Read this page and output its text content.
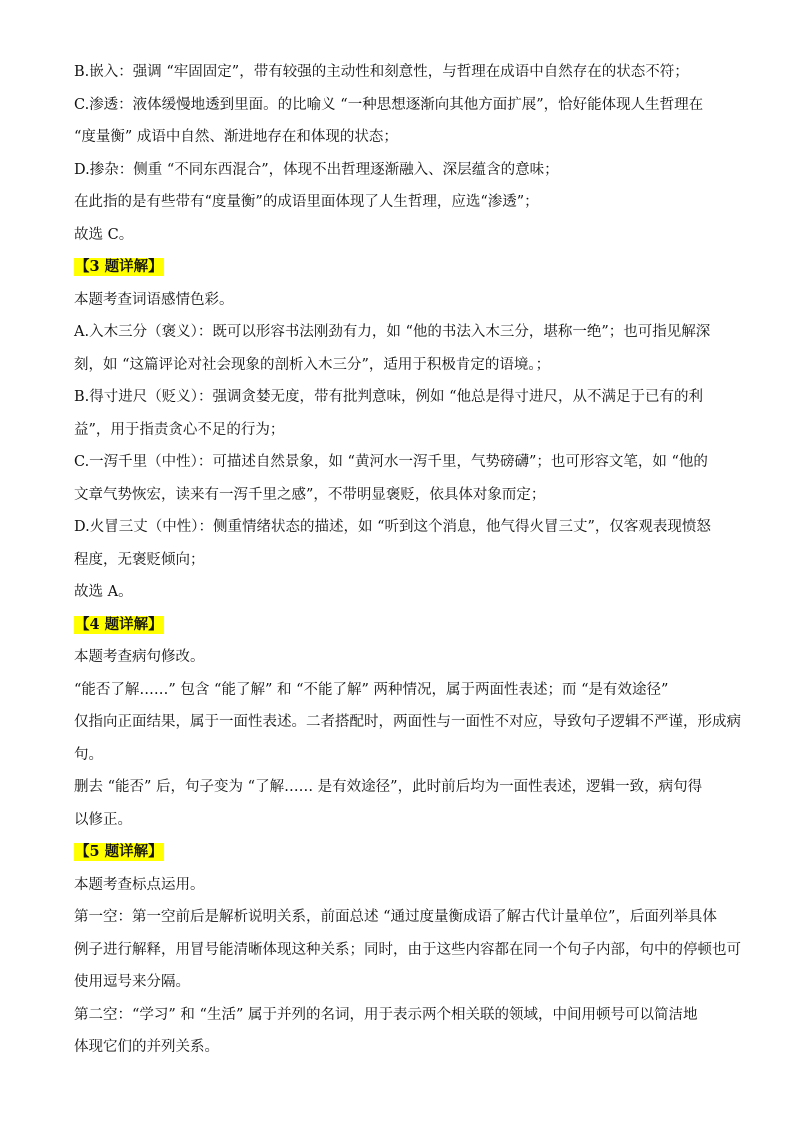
B.嵌入：强调 “牢固固定”，带有较强的主动性和刻意性，与哲理在成语中自然存在的状态不符；

C.渗透：液体缓慢地透到里面。的比喻义 “一种思想逐渐向其他方面扩展”，恰好能体现人生哲理在

“度量衡” 成语中自然、渐进地存在和体现的状态；

D.掺杂：侧重 “不同东西混合”，体现不出哲理逐渐融入、深层蕴含的意味；

在此指的是有些带有“度量衡”的成语里面体现了人生哲理，应选“渗透”；

故选 C。

【3 题详解】

本题考查词语感情色彩。

A.入木三分（褒义）：既可以形容书法刚劲有力，如 “他的书法入木三分，堪称一绝”；也可指见解深

刻，如 “这篇评论对社会现象的剖析入木三分”，适用于积极肯定的语境。；

B.得寸进尺（贬义）：强调贪婪无度，带有批判意味，例如 “他总是得寸进尺，从不满足于已有的利

益”，用于指责贪心不足的行为；

C.一泻千里（中性）：可描述自然景象，如 “黄河水一泻千里，气势磅礴”；也可形容文笔，如 “他的

文章气势恢宏，读来有一泻千里之感”，不带明显褒贬，依具体对象而定；

D.火冒三丈（中性）：侧重情绪状态的描述，如 “听到这个消息，他气得火冒三丈”，仅客观表现愤怒

程度，无褒贬倾向；

故选 A。

【4 题详解】

本题考查病句修改。

“能否了解……” 包含 “能了解” 和 “不能了解” 两种情况，属于两面性表述；而 “是有效途径”

仅指向正面结果，属于一面性表述。二者搭配时，两面性与一面性不对应，导致句子逻辑不严谨，形成病

句。

删去 “能否” 后，句子变为 “了解…… 是有效途径”，此时前后均为一面性表述，逻辑一致，病句得

以修正。

【5 题详解】

本题考查标点运用。

第一空：第一空前后是解析说明关系，前面总述 “通过度量衡成语了解古代计量单位”，后面列举具体

例子进行解释，用冒号能清晰体现这种关系；同时，由于这些内容都在同一个句子内部，句中的停顿也可

使用逗号来分隔。

第二空：“学习” 和 “生活” 属于并列的名词，用于表示两个相关联的领域，中间用顿号可以简洁地

体现它们的并列关系。
